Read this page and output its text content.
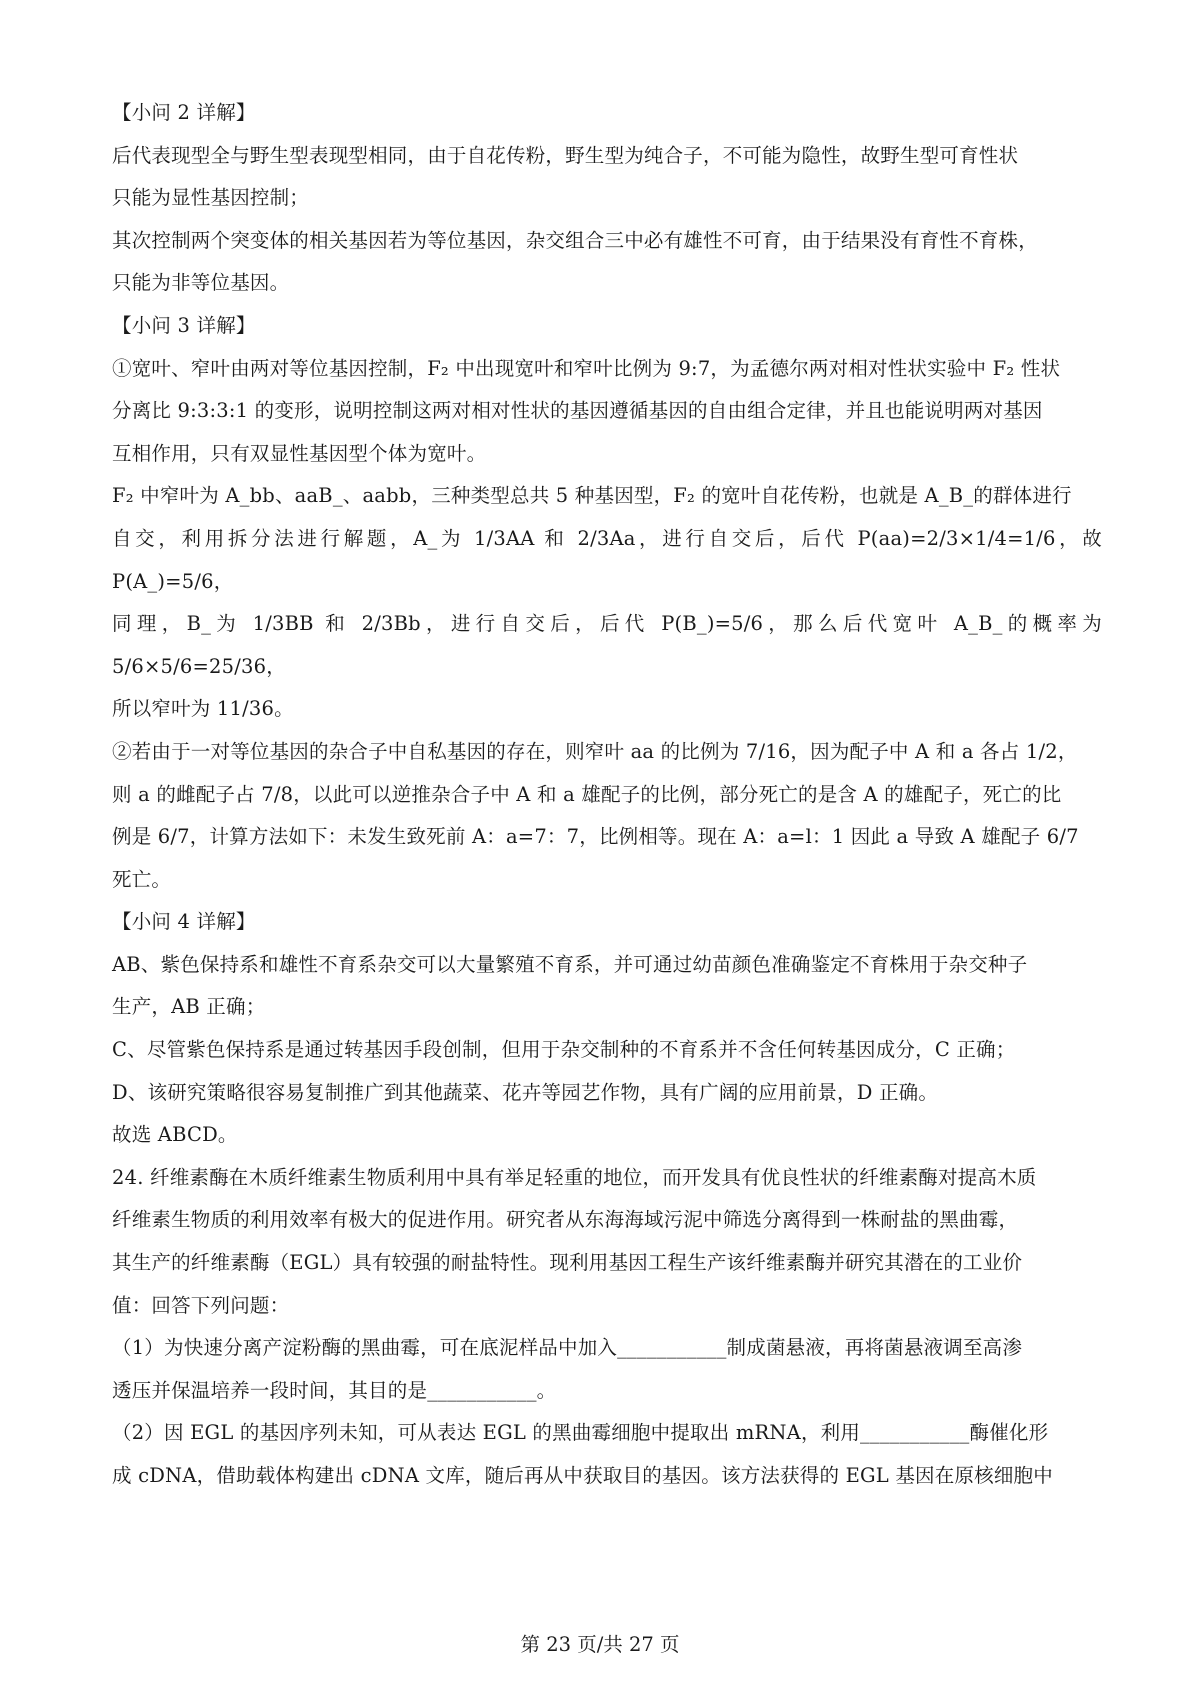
【小问 2 详解】

后代表现型全与野生型表现型相同，由于自花传粉，野生型为纯合子，不可能为隐性，故野生型可育性状
只能为显性基因控制；

其次控制两个突变体的相关基因若为等位基因，杂交组合三中必有雄性不可育，由于结果没有育性不育株，
只能为非等位基因。

【小问 3 详解】

①宽叶、窄叶由两对等位基因控制，F₂ 中出现宽叶和窄叶比例为 9:7，为孟德尔两对相对性状实验中 F₂ 性状
分离比 9:3:3:1 的变形，说明控制这两对相对性状的基因遵循基因的自由组合定律，并且也能说明两对基因
互相作用，只有双显性基因型个体为宽叶。

F₂ 中窄叶为 A_bb、aaB_、aabb，三种类型总共 5 种基因型，F₂ 的宽叶自花传粉，也就是 A_B_的群体进行
自交，利用拆分法进行解题，A_为 1/3AA 和 2/3Aa，进行自交后，后代 P(aa)=2/3×1/4=1/6，故 P(A_)=5/6，
同理，B_为 1/3BB 和 2/3Bb，进行自交后，后代 P(B_)=5/6，那么后代宽叶 A_B_的概率为 5/6×5/6=25/36，
所以窄叶为 11/36。

②若由于一对等位基因的杂合子中自私基因的存在，则窄叶 aa 的比例为 7/16，因为配子中 A 和 a 各占 1/2，
则 a 的雌配子占 7/8，以此可以逆推杂合子中 A 和 a 雄配子的比例，部分死亡的是含 A 的雄配子，死亡的比
例是 6/7，计算方法如下：未发生致死前 A：a=7：7，比例相等。现在 A：a=l：1 因此 a 导致 A 雄配子 6/7
死亡。

【小问 4 详解】

AB、紫色保持系和雄性不育系杂交可以大量繁殖不育系，并可通过幼苗颜色准确鉴定不育株用于杂交种子
生产，AB 正确；

C、尽管紫色保持系是通过转基因手段创制，但用于杂交制种的不育系并不含任何转基因成分，C 正确；

D、该研究策略很容易复制推广到其他蔬菜、花卉等园艺作物，具有广阔的应用前景，D 正确。

故选 ABCD。

24. 纤维素酶在木质纤维素生物质利用中具有举足轻重的地位，而开发具有优良性状的纤维素酶对提高木质
纤维素生物质的利用效率有极大的促进作用。研究者从东海海域污泥中筛选分离得到一株耐盐的黑曲霉，
其生产的纤维素酶（EGL）具有较强的耐盐特性。现利用基因工程生产该纤维素酶并研究其潜在的工业价
值：回答下列问题：

（1）为快速分离产淀粉酶的黑曲霉，可在底泥样品中加入___________制成菌悬液，再将菌悬液调至高渗
透压并保温培养一段时间，其目的是___________。

（2）因 EGL 的基因序列未知，可从表达 EGL 的黑曲霉细胞中提取出 mRNA，利用___________酶催化形
成 cDNA，借助载体构建出 cDNA 文库，随后再从中获取目的基因。该方法获得的 EGL 基因在原核细胞中

第 23 页/共 27 页
